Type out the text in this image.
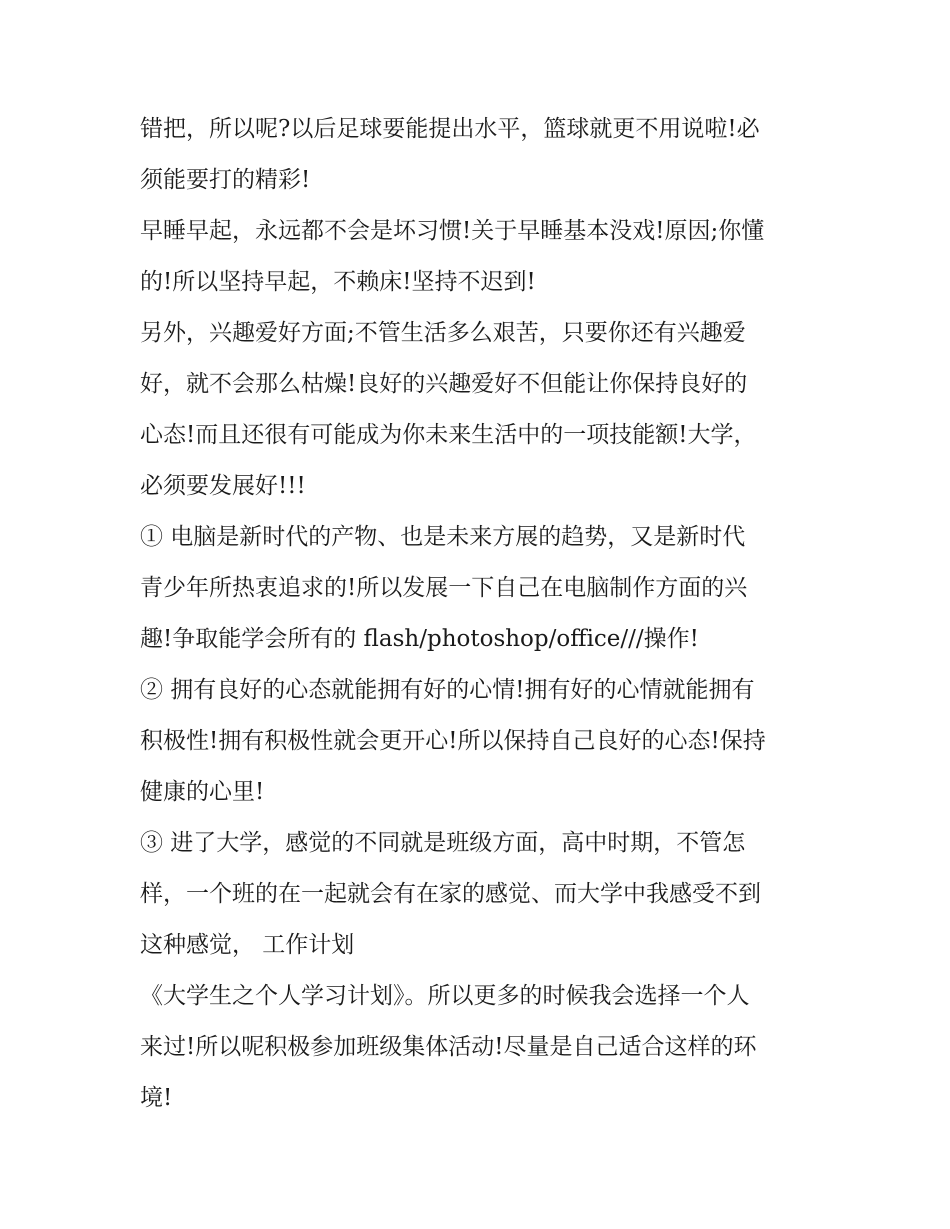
错把，所以呢?以后足球要能提出水平，篮球就更不用说啦!必
须能要打的精彩!

早睡早起，永远都不会是坏习惯!关于早睡基本没戏!原因;你懂
的!所以坚持早起，不赖床!坚持不迟到!

另外，兴趣爱好方面;不管生活多么艰苦，只要你还有兴趣爱
好，就不会那么枯燥!良好的兴趣爱好不但能让你保持良好的
心态!而且还很有可能成为你未来生活中的一项技能额!大学，
必须要发展好!!!

① 电脑是新时代的产物、也是未来方展的趋势，又是新时代
青少年所热衷追求的!所以发展一下自己在电脑制作方面的兴
趣!争取能学会所有的 flash/photoshop/office///操作!

② 拥有良好的心态就能拥有好的心情!拥有好的心情就能拥有
积极性!拥有积极性就会更开心!所以保持自己良好的心态!保持
健康的心里!

③ 进了大学，感觉的不同就是班级方面，高中时期，不管怎
样，一个班的在一起就会有在家的感觉、而大学中我感受不到
这种感觉， 工作计划

《大学生之个人学习计划》。所以更多的时候我会选择一个人
来过!所以呢积极参加班级集体活动!尽量是自己适合这样的环
境!
